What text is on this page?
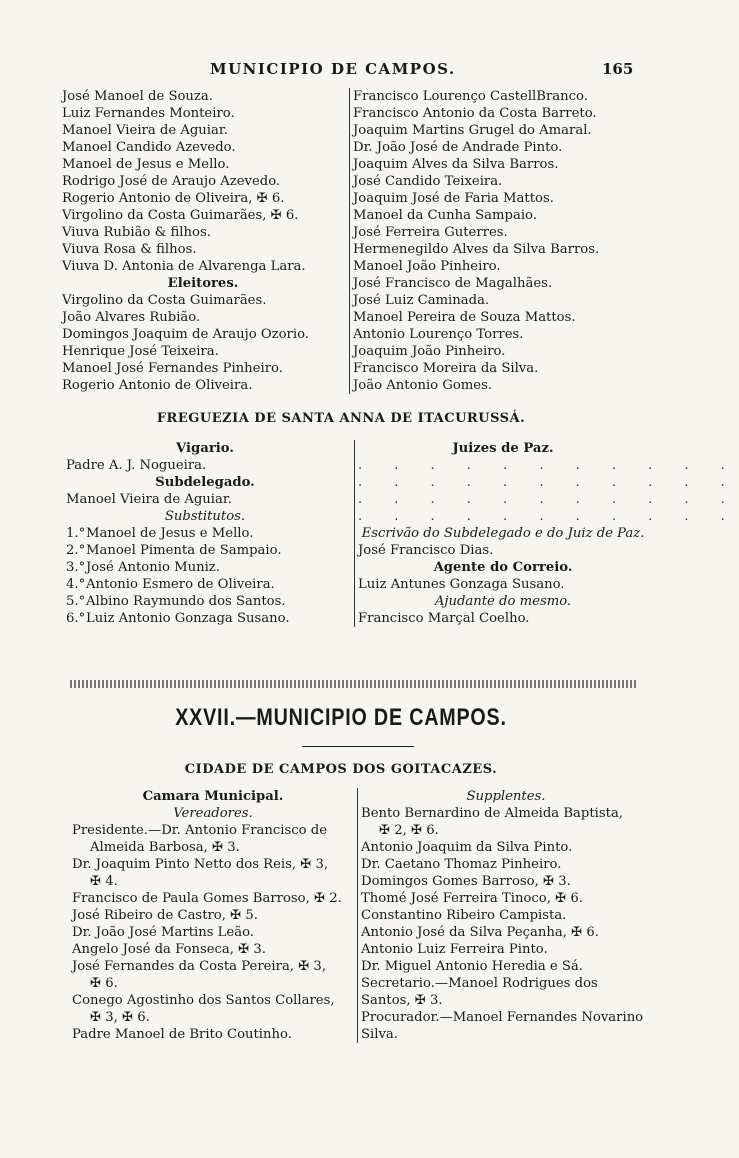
MUNICIPIO DE CAMPOS.	165
José Manoel de Souza.
Luiz Fernandes Monteiro.
Manoel Vieira de Aguiar.
Manoel Candido Azevedo.
Manoel de Jesus e Mello.
Rodrigo José de Araujo Azevedo.
Rogerio Antonio de Oliveira, ✠ 6.
Virgolino da Costa Guimarães, ✠ 6.
Viuva Rubião & filhos.
Viuva Rosa & filhos.
Viuva D. Antonia de Alvarenga Lara.
Eleitores.
Virgolino da Costa Guimarães.
João Alvares Rubião.
Domingos Joaquim de Araujo Ozorio.
Henrique José Teixeira.
Manoel José Fernandes Pinheiro.
Rogerio Antonio de Oliveira.
Francisco Lourenço CastellBranco.
Francisco Antonio da Costa Barreto.
Joaquim Martins Grugel do Amaral.
Dr. João José de Andrade Pinto.
Joaquim Alves da Silva Barros.
José Candido Teixeira.
Joaquim José de Faria Mattos.
Manoel da Cunha Sampaio.
José Ferreira Guterres.
Hermenegildo Alves da Silva Barros.
Manoel João Pinheiro.
José Francisco de Magalhães.
José Luiz Caminada.
Manoel Pereira de Souza Mattos.
Antonio Lourenço Torres.
Joaquim João Pinheiro.
Francisco Moreira da Silva.
João Antonio Gomes.
FREGUEZIA DE SANTA ANNA DE ITACURUSSÁ.
Vigario.
Padre A. J. Nogueira.
Subdelegado.
Manoel Vieira de Aguiar.
Substitutos.
1.°Manoel de Jesus e Mello.
2.°Manoel Pimenta de Sampaio.
3.°José Antonio Muniz.
4.°Antonio Esmero de Oliveira.
5.°Albino Raymundo dos Santos.
6.°Luiz Antonio Gonzaga Susano.
Juizes de Paz.
. . . . . . . . . . .
. . . . . . . . . . .
. . . . . . . . . . .
. . . . . . . . . . .
Escrivão do Subdelegado e do Juiz de Paz.
José Francisco Dias.
Agente do Correio.
Luiz Antunes Gonzaga Susano.
Ajudante do mesmo.
Francisco Marçal Coelho.
XXVII.—MUNICIPIO DE CAMPOS.
CIDADE DE CAMPOS DOS GOITACAZES.
Camara Municipal.
Vereadores.
Presidente.—Dr. Antonio Francisco de
Almeida Barbosa, ✠ 3.
Dr. Joaquim Pinto Netto dos Reis, ✠ 3,
✠ 4.
Francisco de Paula Gomes Barroso, ✠ 2.
José Ribeiro de Castro, ✠ 5.
Dr. João José Martins Leão.
Angelo José da Fonseca, ✠ 3.
José Fernandes da Costa Pereira, ✠ 3,
✠ 6.
Conego Agostinho dos Santos Collares,
✠ 3, ✠ 6.
Padre Manoel de Brito Coutinho.
Supplentes.
Bento Bernardino de Almeida Baptista,
✠ 2, ✠ 6.
Antonio Joaquim da Silva Pinto.
Dr. Caetano Thomaz Pinheiro.
Domingos Gomes Barroso, ✠ 3.
Thomé José Ferreira Tinoco, ✠ 6.
Constantino Ribeiro Campista.
Antonio José da Silva Peçanha, ✠ 6.
Antonio Luiz Ferreira Pinto.
Dr. Miguel Antonio Heredia e Sá.
Secretario.—Manoel Rodrigues dos Santos, ✠ 3.
Procurador.—Manoel Fernandes Novarino Silva.
